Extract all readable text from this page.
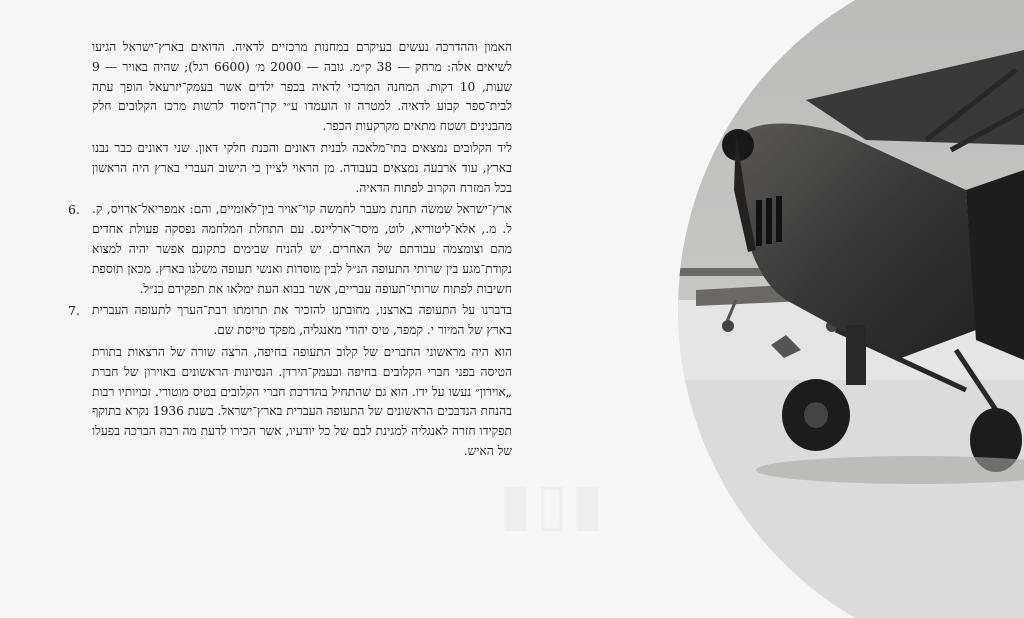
▮▯▮

האמון וההדרכה נעשים בעיקרם במחנות מרכזיים לדאיה. הדואים בארץ־ישראל הגיעו לשיאים אלה: מרחק — 38 ק״מ. גובה — 2000 מ׳ (6600 רגל); שהיה באויר — 9 שעות, 10 דקות. המחנה המרכזי לדאיה בכפר ילדים אשר בעמק־יזרעאל הופך עתה לבית־ספר קבוע לדאיה. למטרה זו הועמדו ע״י קרן־היסוד לרשות מרכז הקלובים חלק מהבנינים ושטח מתאים מקרקעות הכפר.

ליד הקלובים נמצאים בתי־מלאכה לבנית דאונים והכנת חלקי דאון. שני דאונים כבר נבנו בארץ, עוד ארבעה נמצאים בעבודה. מן הראוי לציין כי הישוב העברי בארץ היה הראשון בכל המזרח הקרוב לפתוח הדאיה.

6. ארץ־ישראל שמשה תחנת מעבר לחמשה קוי־אויר בין־לאומיים, והם: אמפריאל־ארויס, ק. ל. מ., אלא־ליטוריא, לוט, מיסר־ארליינס. עם התחלת המלחמה נפסקה פעולת אחדים מהם וצומצמה עבודתם של האחרים. יש להניח שבימים כתקונם אפשר יהיה למצוא נקודת־מגע בין שרותי התעופה הנ״ל לבין מוסדות ואנשי תעופה משלנו בארץ. מכאן תוספת חשיבות לפתוח שרותי־תעופה עבריים, אשר בבוא העת ימלאו את תפקידם כנ״ל.

7. בדברנו על התעופה בארצנו, מחובתנו להזכיר את תרומתו רבת־הערך לתעופה העברית בארץ של המיור י. קמפר, טיס יהודי מאנגליה, מפקד טייסת שם.

הוא היה מראשוני החברים של קלוב התעופה בחיפה, הרצה שורה של הרצאות בתורת הטיסה בפני חברי הקלובים בחיפה ובעמק־הירדן. הנסיונות הראשונים באוירון של חברת „אוירון״ נעשו על ידו. הוא גם שהתחיל בהדרכת חברי הקלובים בטיס מוטורי. זכויותיו רבות בהנחת הנדבכים הראשונים של התעופה העברית בארץ־ישראל. בשנת 1936 נקרא בתוקף תפקידו חזרה לאנגליה למגינת לבם של כל יודעיו, אשר הכירו לדעת מה רבה הברכה בפעלו של האיש.
